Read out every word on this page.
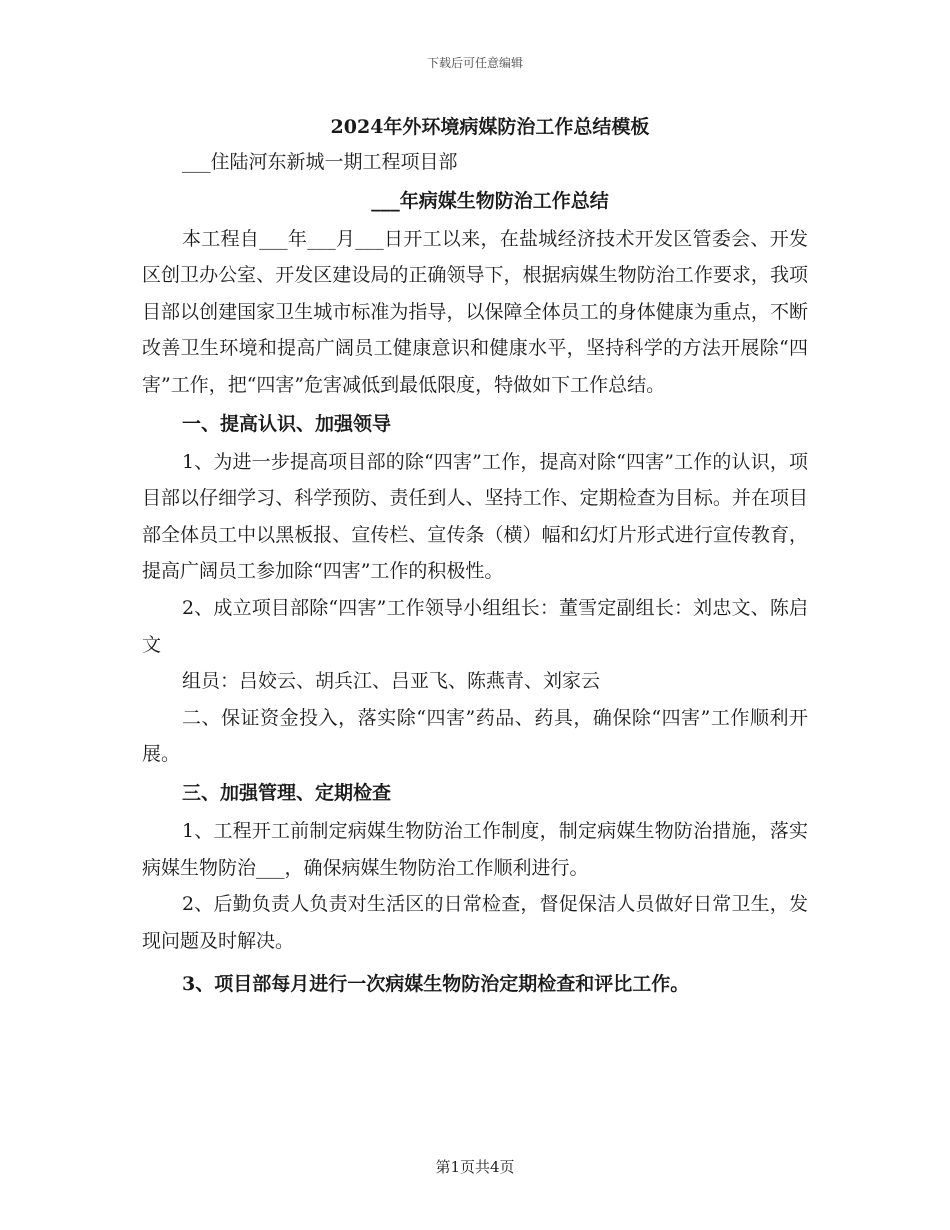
下载后可任意编辑

2024年外环境病媒防治工作总结模板

___住陆河东新城一期工程项目部

___年病媒生物防治工作总结

本工程自___年___月___日开工以来，在盐城经济技术开发区管委会、开发区创卫办公室、开发区建设局的正确领导下，根据病媒生物防治工作要求，我项目部以创建国家卫生城市标准为指导，以保障全体员工的身体健康为重点，不断改善卫生环境和提高广阔员工健康意识和健康水平，坚持科学的方法开展除“四害”工作，把“四害”危害减低到最低限度，特做如下工作总结。

一、提高认识、加强领导

1、为进一步提高项目部的除“四害”工作，提高对除“四害”工作的认识，项目部以仔细学习、科学预防、责任到人、坚持工作、定期检查为目标。并在项目部全体员工中以黑板报、宣传栏、宣传条（横）幅和幻灯片形式进行宣传教育，提高广阔员工参加除“四害”工作的积极性。

2、成立项目部除“四害”工作领导小组组长：董雪定副组长：刘忠文、陈启文

组员：吕姣云、胡兵江、吕亚飞、陈燕青、刘家云

二、保证资金投入，落实除“四害”药品、药具，确保除“四害”工作顺利开展。

三、加强管理、定期检查

1、工程开工前制定病媒生物防治工作制度，制定病媒生物防治措施，落实病媒生物防治___，确保病媒生物防治工作顺利进行。

2、后勤负责人负责对生活区的日常检查，督促保洁人员做好日常卫生，发现问题及时解决。

3、项目部每月进行一次病媒生物防治定期检查和评比工作。

第1页共4页
